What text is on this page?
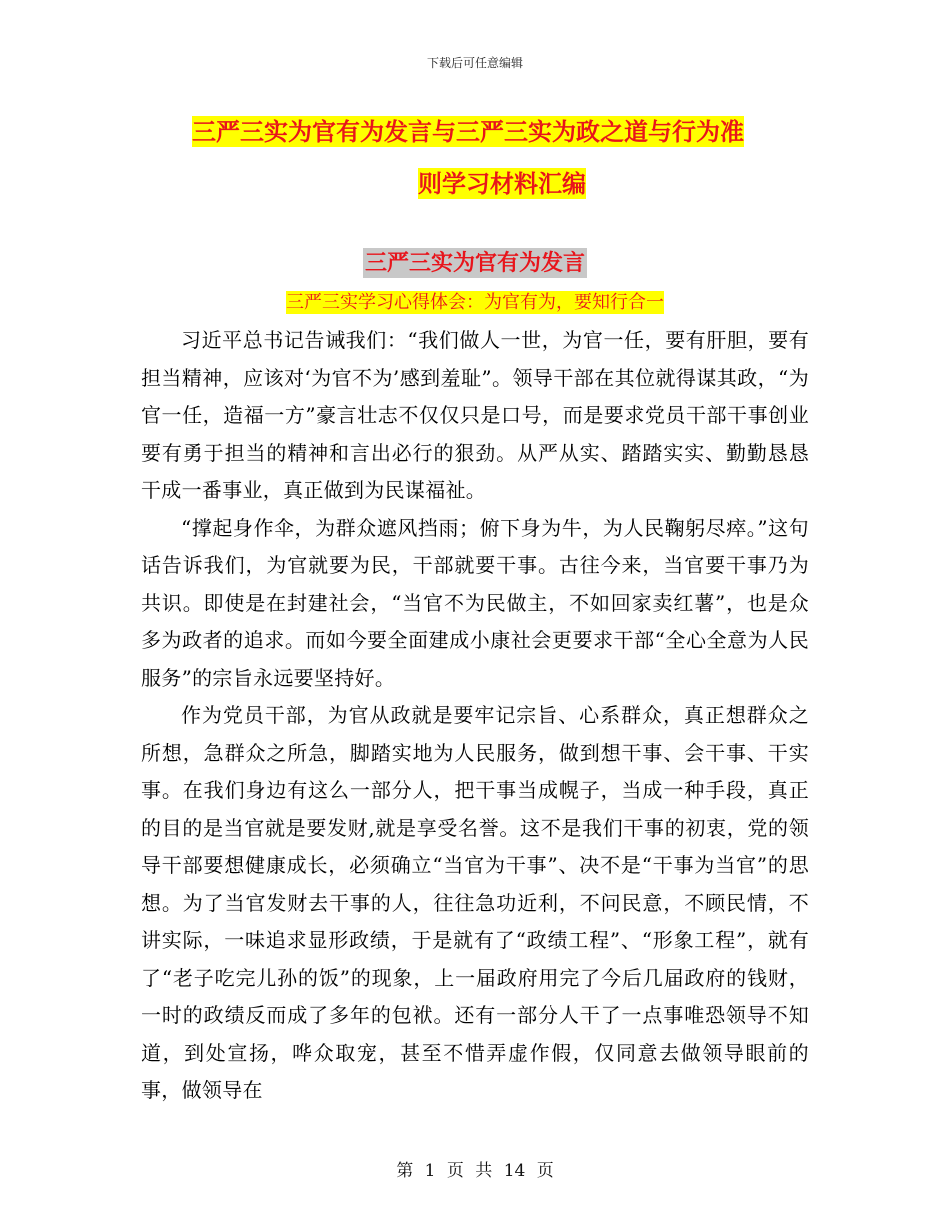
下载后可任意编辑
三严三实为官有为发言与三严三实为政之道与行为准
则学习材料汇编
三严三实为官有为发言
三严三实学习心得体会：为官有为，要知行合一

习近平总书记告诫我们：“我们做人一世，为官一任，要有肝胆，要有担当精神，应该对‘为官不为’感到羞耻”。领导干部在其位就得谋其政，“为官一任，造福一方”豪言壮志不仅仅只是口号，而是要求党员干部干事创业要有勇于担当的精神和言出必行的狠劲。从严从实、踏踏实实、勤勤恳恳干成一番事业，真正做到为民谋福祉。

“撑起身作伞，为群众遮风挡雨；俯下身为牛，为人民鞠躬尽瘁。”这句话告诉我们，为官就要为民，干部就要干事。古往今来，当官要干事乃为共识。即使是在封建社会，“当官不为民做主，不如回家卖红薯”，也是众多为政者的追求。而如今要全面建成小康社会更要求干部“全心全意为人民服务”的宗旨永远要坚持好。

作为党员干部，为官从政就是要牢记宗旨、心系群众，真正想群众之所想，急群众之所急，脚踏实地为人民服务，做到想干事、会干事、干实事。在我们身边有这么一部分人，把干事当成幌子，当成一种手段，真正的目的是当官就是要发财,就是享受名誉。这不是我们干事的初衷，党的领导干部要想健康成长，必须确立“当官为干事”、决不是“干事为当官”的思想。为了当官发财去干事的人，往往急功近利，不问民意，不顾民情，不讲实际，一味追求显形政绩，于是就有了“政绩工程”、“形象工程”，就有了“老子吃完儿孙的饭”的现象，上一届政府用完了今后几届政府的钱财，一时的政绩反而成了多年的包袱。还有一部分人干了一点事唯恐领导不知道，到处宣扬，哗众取宠，甚至不惜弄虚作假，仅同意去做领导眼前的事，做领导在

第 1 页 共 14 页
